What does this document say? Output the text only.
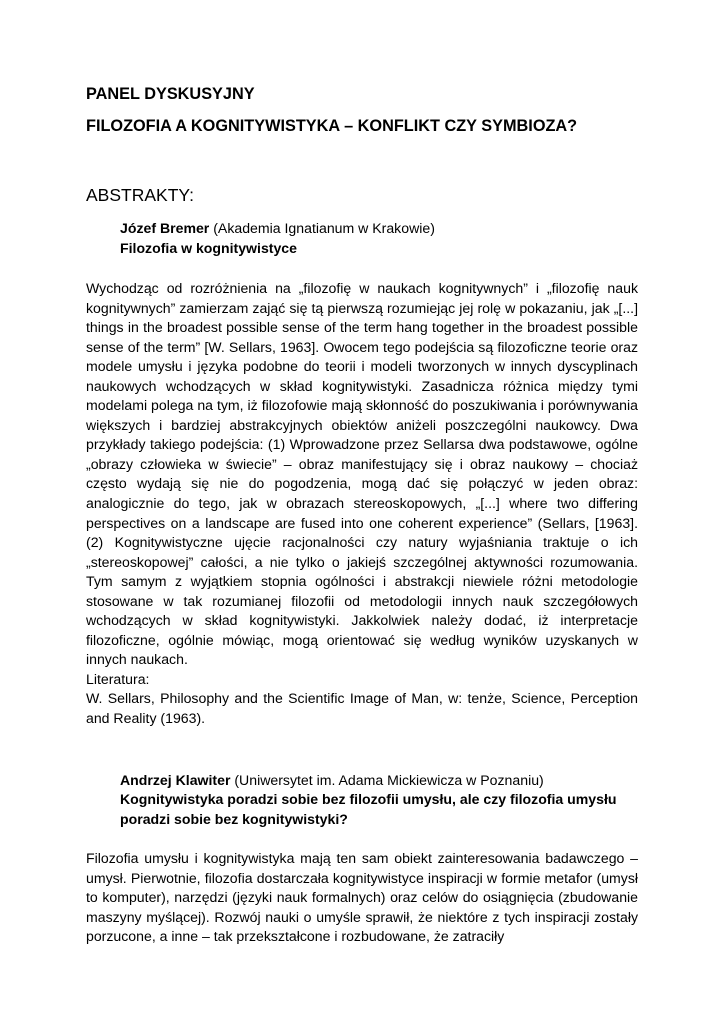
PANEL DYSKUSYJNY
FILOZOFIA A KOGNITYWISTYKA – KONFLIKT CZY SYMBIOZA?
ABSTRAKTY:
Józef Bremer (Akademia Ignatianum w Krakowie)
Filozofia w kognitywistyce

Wychodząc od rozróżnienia na „filozofię w naukach kognitywnych” i „filozofię nauk kognitywnych” zamierzam zająć się tą pierwszą rozumiejąc jej rolę w pokazaniu, jak „[...] things in the broadest possible sense of the term hang together in the broadest possible sense of the term” [W. Sellars, 1963]. Owocem tego podejścia są filozoficzne teorie oraz modele umysłu i języka podobne do teorii i modeli tworzonych w innych dyscyplinach naukowych wchodzących w skład kognitywistyki. Zasadnicza różnica między tymi modelami polega na tym, iż filozofowie mają skłonność do poszukiwania i porównywania większych i bardziej abstrakcyjnych obiektów aniżeli poszczególni naukowcy. Dwa przykłady takiego podejścia: (1) Wprowadzone przez Sellarsa dwa podstawowe, ogólne „obrazy człowieka w świecie” – obraz manifestujący się i obraz naukowy – chociaż często wydają się nie do pogodzenia, mogą dać się połączyć w jeden obraz: analogicznie do tego, jak w obrazach stereoskopowych, „[...] where two differing perspectives on a landscape are fused into one coherent experience” (Sellars, [1963]. (2) Kognitywistyczne ujęcie racjonalności czy natury wyjaśniania traktuje o ich „stereoskopowej” całości, a nie tylko o jakiejś szczególnej aktywności rozumowania. Tym samym z wyjątkiem stopnia ogólności i abstrakcji niewiele różni metodologie stosowane w tak rozumianej filozofii od metodologii innych nauk szczegółowych wchodzących w skład kognitywistyki. Jakkolwiek należy dodać, iż interpretacje filozoficzne, ogólnie mówiąc, mogą orientować się według wyników uzyskanych w innych naukach.

Literatura:

W. Sellars, Philosophy and the Scientific Image of Man, w: tenże, Science, Perception and Reality (1963).

Andrzej Klawiter (Uniwersytet im. Adama Mickiewicza w Poznaniu)
Kognitywistyka poradzi sobie bez filozofii umysłu, ale czy filozofia umysłu poradzi sobie bez kognitywistyki?

Filozofia umysłu i kognitywistyka mają ten sam obiekt zainteresowania badawczego – umysł. Pierwotnie, filozofia dostarczała kognitywistyce inspiracji w formie metafor (umysł to komputer), narzędzi (języki nauk formalnych) oraz celów do osiągnięcia (zbudowanie maszyny myślącej). Rozwój nauki o umyśle sprawił, że niektóre z tych inspiracji zostały porzucone, a inne – tak przekształcone i rozbudowane, że zatraciły
